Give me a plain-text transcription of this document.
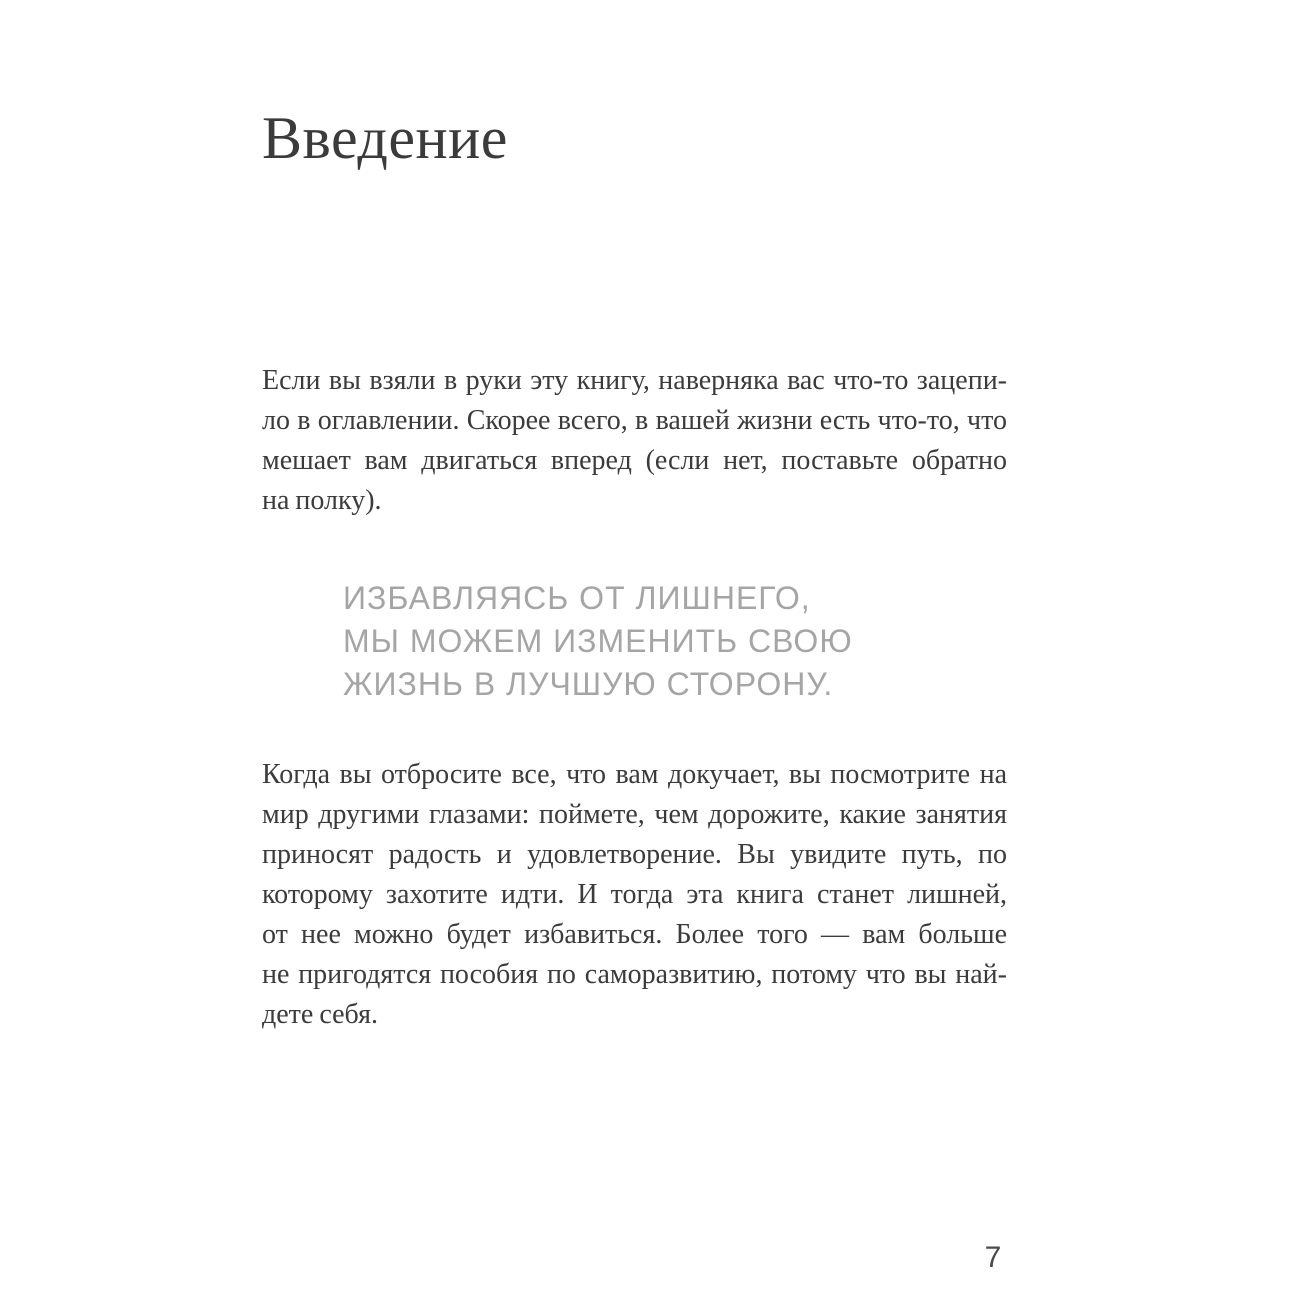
Введение
Если вы взяли в руки эту книгу, наверняка вас что-то зацепи-
ло в оглавлении. Скорее всего, в вашей жизни есть что-то, что
мешает вам двигаться вперед (если нет, поставьте обратно
на полку).
ИЗБАВЛЯЯСЬ ОТ ЛИШНЕГО,
МЫ МОЖЕМ ИЗМЕНИТЬ СВОЮ
ЖИЗНЬ В ЛУЧШУЮ СТОРОНУ.
Когда вы отбросите все, что вам докучает, вы посмотрите на
мир другими глазами: поймете, чем дорожите, какие занятия
приносят радость и удовлетворение. Вы увидите путь, по
которому захотите идти. И тогда эта книга станет лишней,
от нее можно будет избавиться. Более того — вам больше
не пригодятся пособия по саморазвитию, потому что вы най-
дете себя.
7
